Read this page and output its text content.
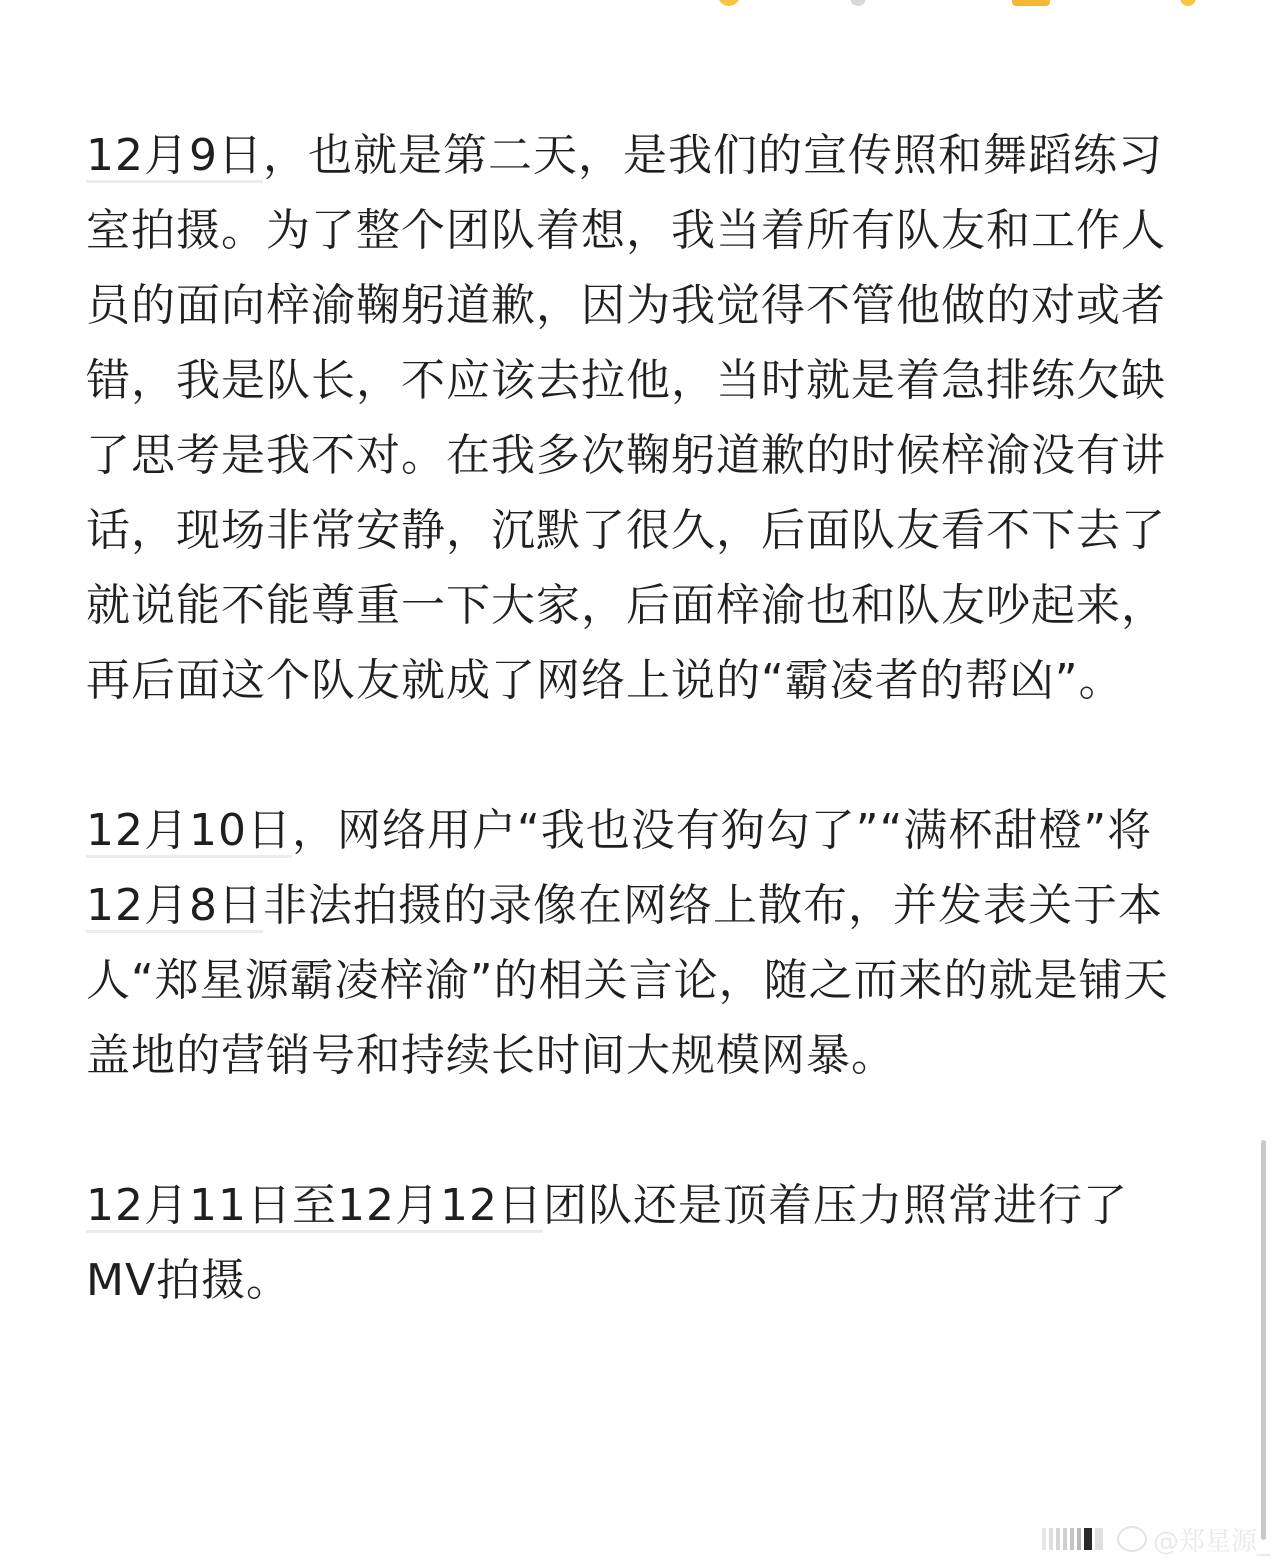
12月9日，也就是第二天，是我们的宣传照和舞蹈练习室拍摄。为了整个团队着想，我当着所有队友和工作人员的面向梓渝鞠躬道歉，因为我觉得不管他做的对或者错，我是队长，不应该去拉他，当时就是着急排练欠缺了思考是我不对。在我多次鞠躬道歉的时候梓渝没有讲话，现场非常安静，沉默了很久，后面队友看不下去了就说能不能尊重一下大家，后面梓渝也和队友吵起来，再后面这个队友就成了网络上说的“霸凌者的帮凶”。

12月10日，网络用户“我也没有狗勾了”“满杯甜橙”将12月8日非法拍摄的录像在网络上散布，并发表关于本人“郑星源霸凌梓渝”的相关言论，随之而来的就是铺天盖地的营销号和持续长时间大规模网暴。

12月11日至12月12日团队还是顶着压力照常进行了MV拍摄。

@郑星源_
